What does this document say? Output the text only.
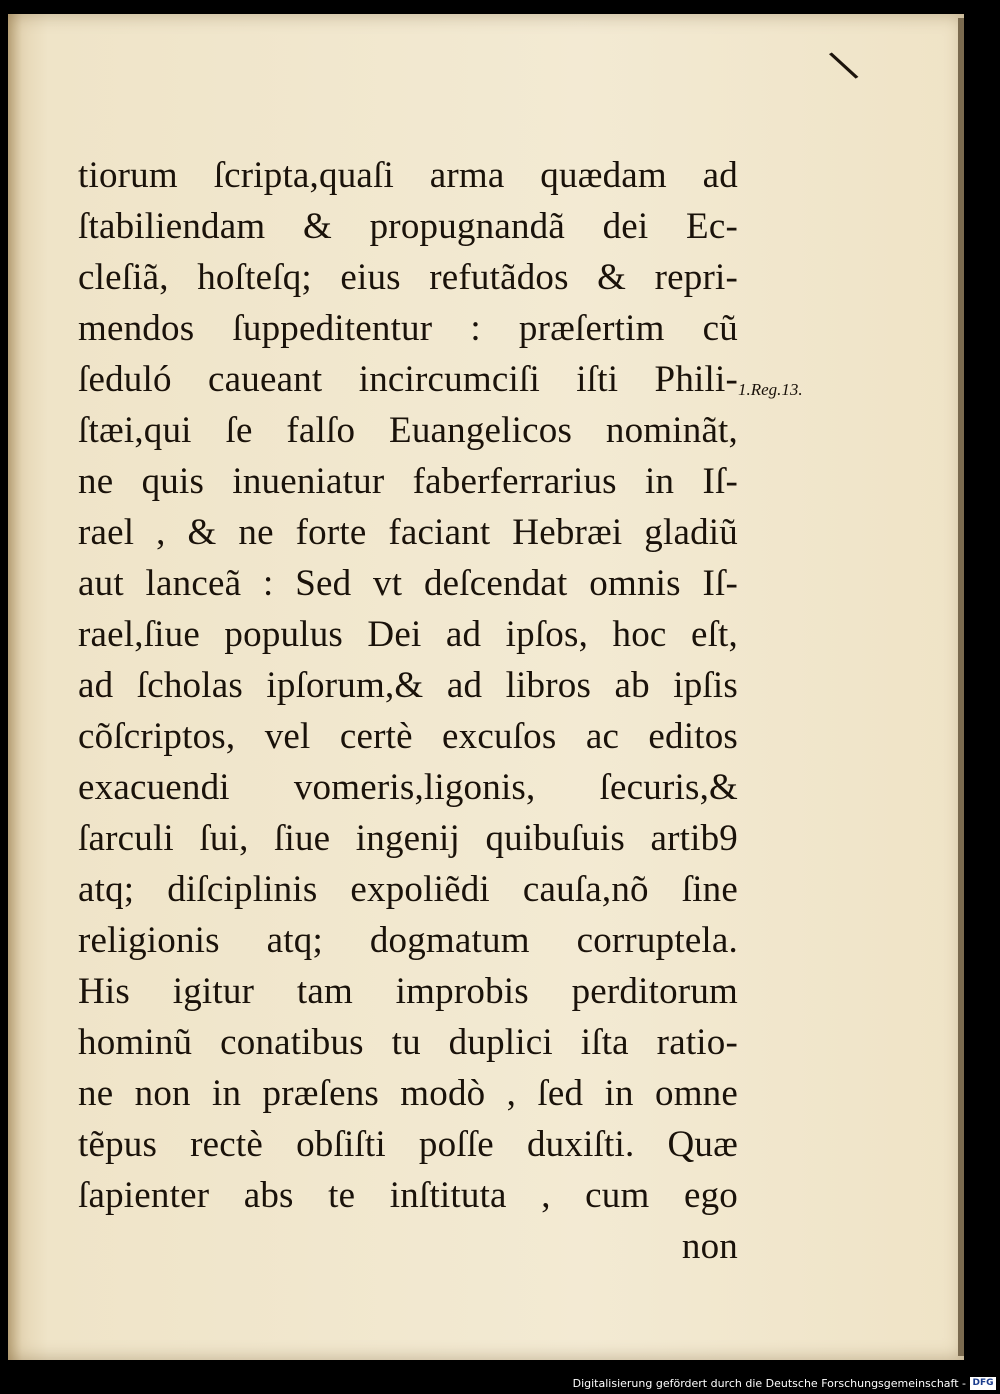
\
tiorum ſcripta,quaſi arma quædam ad
ſtabiliendam & propugnandã dei Ec-
cleſiã, hoſteſq; eius refutãdos & repri-
mendos ſuppeditentur : præſertim cũ
ſeduló caueant incircumciſi iſti Phili-
ſtæi,qui ſe falſo Euangelicos nominãt,
ne quis inueniatur faberferrarius in Iſ-
rael , & ne forte faciant Hebræi gladiũ
aut lanceã : Sed vt deſcendat omnis Iſ-
rael,ſiue populus Dei ad ipſos, hoc eſt,
ad ſcholas ipſorum,& ad libros ab ipſis
cõſcriptos, vel certè excuſos ac editos
exacuendi vomeris,ligonis, ſecuris,&
ſarculi ſui, ſiue ingenij quibuſuis artib9
atq; diſciplinis expoliẽdi cauſa,nõ ſine
religionis atq; dogmatum corruptela.
His igitur tam improbis perditorum
hominũ conatibus tu duplici iſta ratio-
ne non in præſens modò , ſed in omne
tẽpus rectè obſiſti poſſe duxiſti. Quæ
ſapienter abs te inſtituta , cum ego
non
1.Reg.13.
Digitalisierung gefördert durch die Deutsche Forschungsgemeinschaft - DFG
